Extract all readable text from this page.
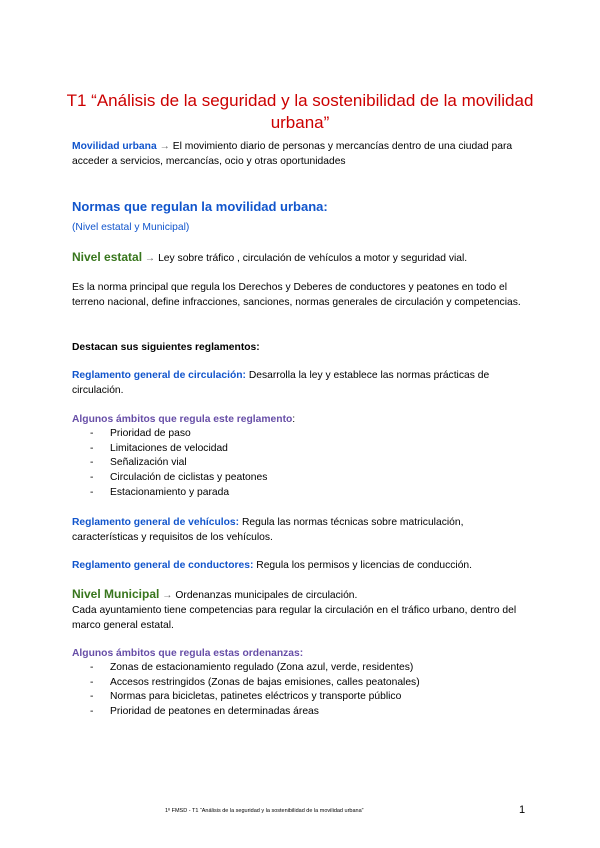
T1 “Análisis de la seguridad y la sostenibilidad de la movilidad urbana”
Movilidad urbana → El movimiento diario de personas y mercancías dentro de una ciudad para acceder a servicios, mercancías, ocio y otras oportunidades
Normas que regulan la movilidad urbana:
(Nivel estatal y Municipal)
Nivel estatal → Ley sobre tráfico , circulación de vehículos a motor y seguridad vial.
Es la norma principal que regula los Derechos y Deberes de conductores y peatones en todo el terreno nacional, define infracciones, sanciones, normas generales de circulación y competencias.
Destacan sus siguientes reglamentos:
Reglamento general de circulación: Desarrolla la ley y establece las normas prácticas de circulación.
Algunos ámbitos que regula este reglamento:
- Prioridad de paso
- Limitaciones de velocidad
- Señalización vial
- Circulación de ciclistas y peatones
- Estacionamiento y parada
Reglamento general de vehículos: Regula las normas técnicas sobre matriculación, características y requisitos de los vehículos.
Reglamento general de conductores: Regula los permisos y licencias de conducción.
Nivel Municipal → Ordenanzas municipales de circulación.
Cada ayuntamiento tiene competencias para regular la circulación en el tráfico urbano, dentro del marco general estatal.
Algunos ámbitos que regula estas ordenanzas:
- Zonas de estacionamiento regulado (Zona azul, verde, residentes)
- Accesos restringidos (Zonas de bajas emisiones, calles peatonales)
- Normas para bicicletas, patinetes eléctricos y transporte público
- Prioridad de peatones en determinadas áreas
1º FMSD - T1 “Análisis de la seguridad y la sostenibilidad de la movilidad urbana”	1
